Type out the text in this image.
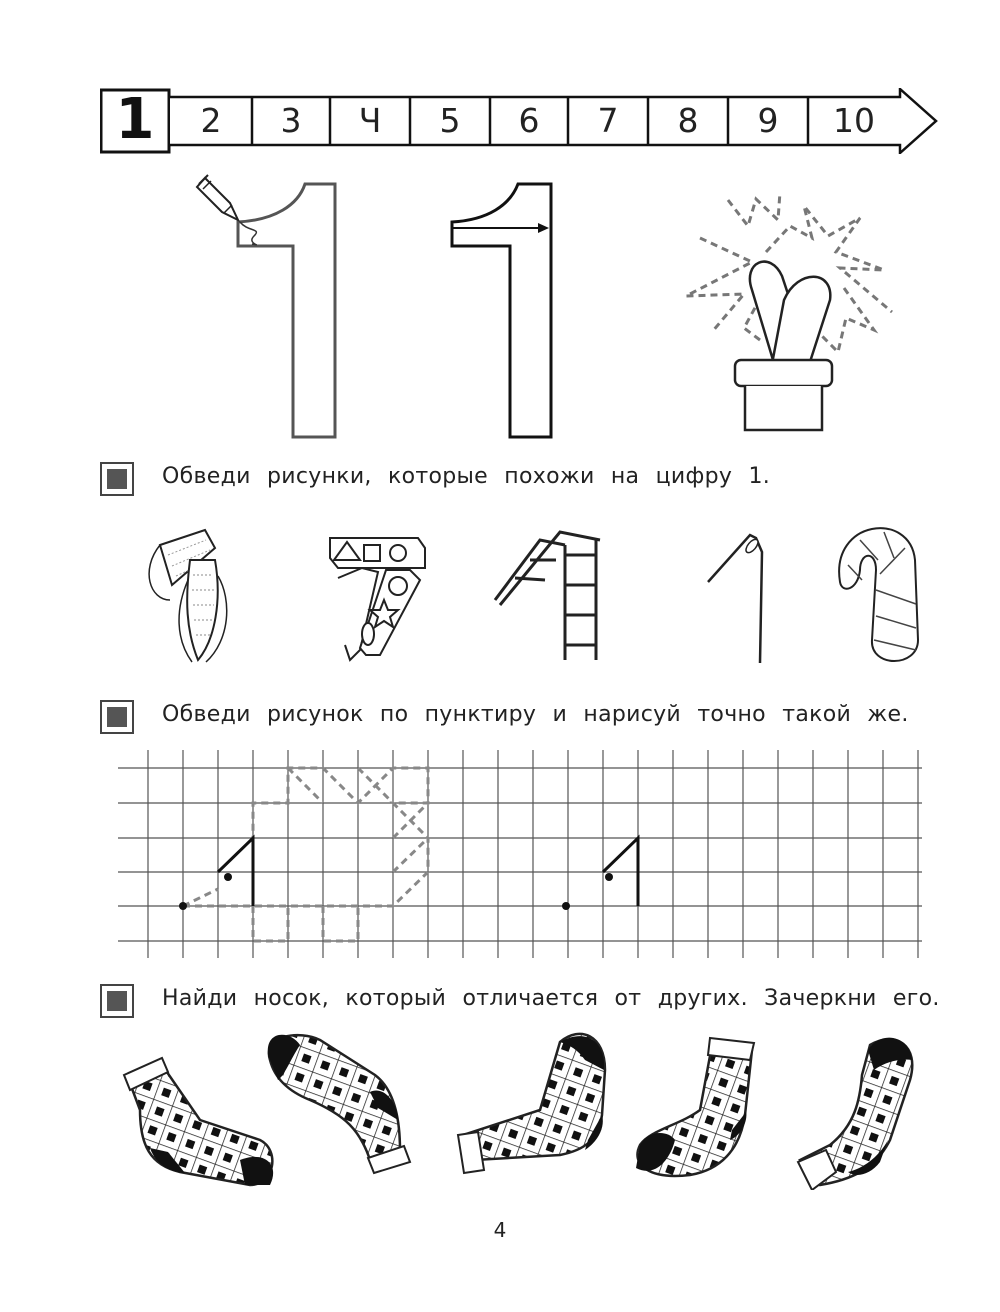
1	2	3	Ч	5	6	7	8	9	10
Обведи рисунки, которые похожи на цифру 1.
Обведи рисунок по пунктиру и нарисуй точно такой же.
Найди носок, который отличается от других. Зачеркни его.
4
